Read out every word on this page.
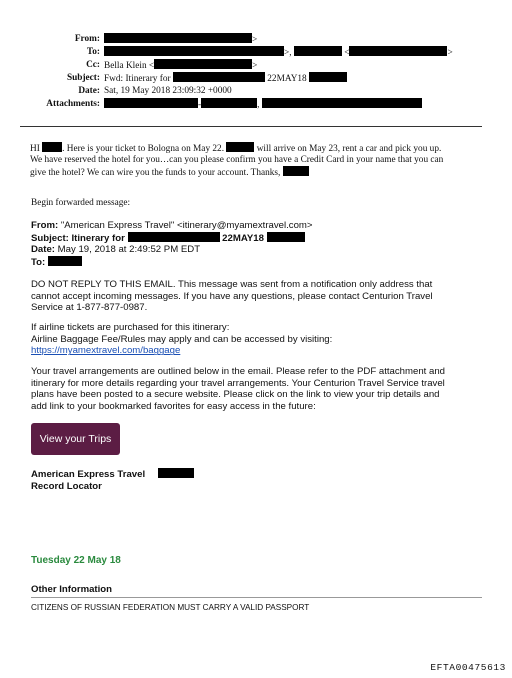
From:	>
To:	>,	<	>
Cc: Bella Klein <	>
Subject: Fwd: Itinerary for	22MAY18
Date: Sat, 19 May 2018 23:09:32 +0000
Attachments:	-	,
HI . Here is your ticket to Bologna on May 22.	will arrive on May 23, rent a car and pick you up.
We have reserved the hotel for you…can you please confirm you have a Credit Card in your name that you can
give the hotel? We can wire you the funds to your account. Thanks,
Begin forwarded message:
From: "American Express Travel" <itinerary@myamextravel.com>
Subject: Itinerary for	22MAY18
Date: May 19, 2018 at 2:49:52 PM EDT
To:
DO NOT REPLY TO THIS EMAIL. This message was sent from a notification only address that
cannot accept incoming messages. If you have any questions, please contact Centurion Travel
Service at 1-877-877-0987.
If airline tickets are purchased for this itinerary:
Airline Baggage Fee/Rules may apply and can be accessed by visiting:
https://myamextravel.com/baggage
Your travel arrangements are outlined below in the email. Please refer to the PDF attachment and
itinerary for more details regarding your travel arrangements. Your Centurion Travel Service travel
plans have been posted to a secure website. Please click on the link to view your trip details and
add link to your bookmarked favorites for easy access in the future:
View your Trips
American Express Travel
Record Locator
Tuesday 22 May 18
Other Information
CITIZENS OF RUSSIAN FEDERATION MUST CARRY A VALID PASSPORT
EFTA00475613
